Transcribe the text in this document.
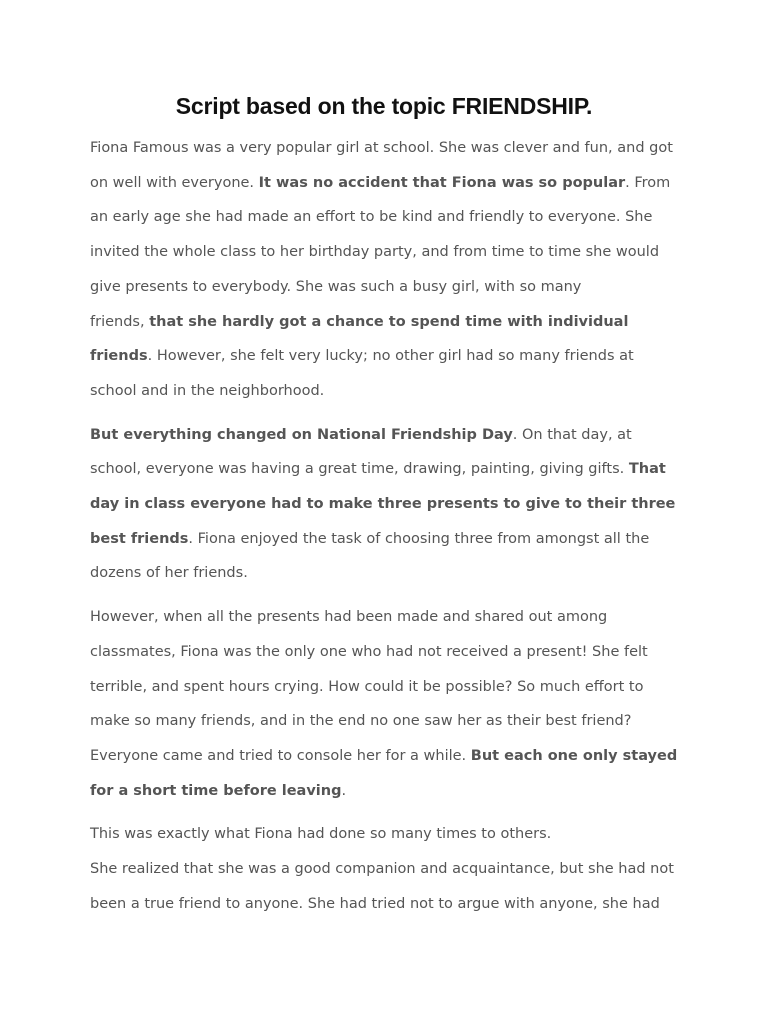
Script based on the topic FRIENDSHIP.
Fiona Famous was a very popular girl at school. She was clever and fun, and got
on well with everyone. It was no accident that Fiona was so popular. From
an early age she had made an effort to be kind and friendly to everyone. She
invited the whole class to her birthday party, and from time to time she would
give presents to everybody. She was such a busy girl, with so many
friends, that she hardly got a chance to spend time with individual
friends. However, she felt very lucky; no other girl had so many friends at
school and in the neighborhood.
But everything changed on National Friendship Day. On that day, at
school, everyone was having a great time, drawing, painting, giving gifts. That
day in class everyone had to make three presents to give to their three
best friends. Fiona enjoyed the task of choosing three from amongst all the
dozens of her friends.
However, when all the presents had been made and shared out among
classmates, Fiona was the only one who had not received a present! She felt
terrible, and spent hours crying. How could it be possible? So much effort to
make so many friends, and in the end no one saw her as their best friend?
Everyone came and tried to console her for a while. But each one only stayed
for a short time before leaving.
This was exactly what Fiona had done so many times to others.
She realized that she was a good companion and acquaintance, but she had not
been a true friend to anyone. She had tried not to argue with anyone, she had
